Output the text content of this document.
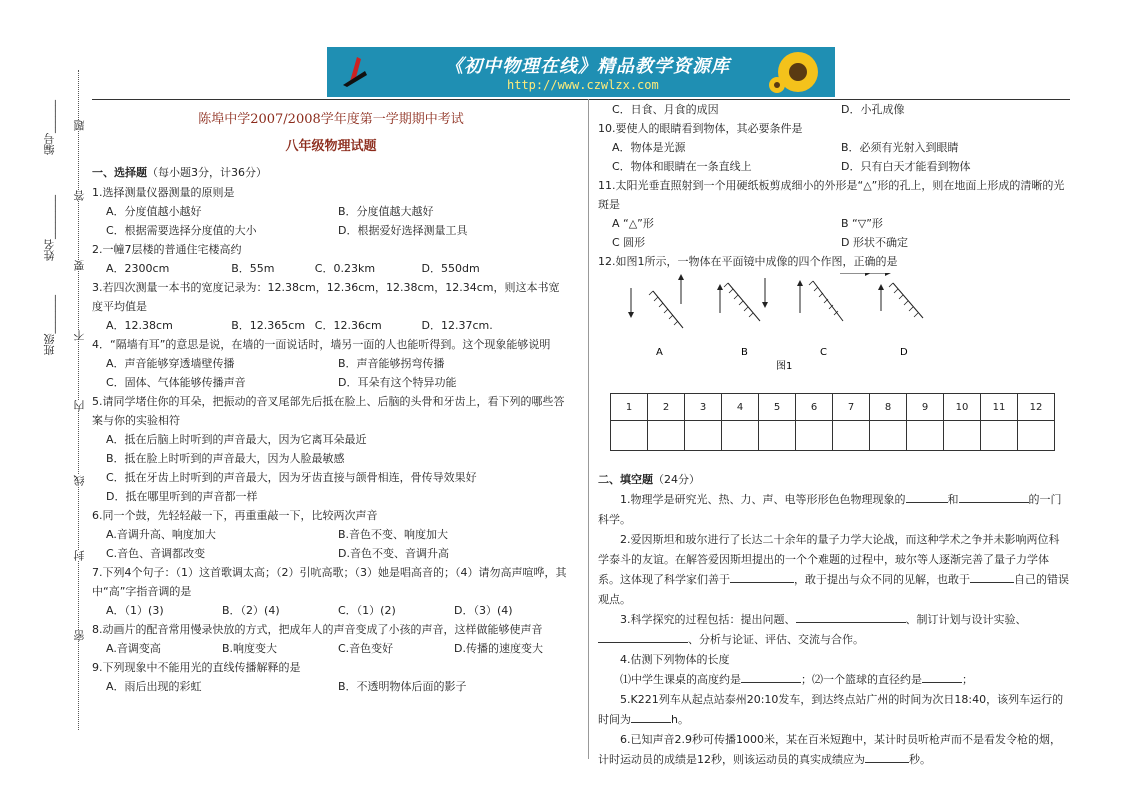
《初中物理在线》精品教学资源库
http://www.czwlzx.com
编号______
姓名________
班级_______
题
答
要
不
内
线
封
密
陈埠中学2007/2008学年度第一学期期中考试
八年级物理试题
一、选择题（每小题3分，计36分）

1.选择测量仪器测量的原则是

A．分度值越小越好	B．分度值越大越好
C．根据需要选择分度值的大小	D．根据爱好选择测量工具

2.一幢7层楼的普通住宅楼高约

A．2300cm	B．55m	C．0.23km	D．550dm

3.若四次测量一本书的宽度记录为：12.38cm，12.36cm，12.38cm，12.34cm，则这本书宽度平均值是

A．12.38cm	B．12.365cm C．12.36cm	D．12.37cm.

4．“隔墙有耳”的意思是说，在墙的一面说话时，墙另一面的人也能听得到。这个现象能够说明

A．声音能够穿透墙壁传播	B．声音能够拐弯传播
C．固体、气体能够传播声音	D．耳朵有这个特异功能

5.请同学堵住你的耳朵，把振动的音叉尾部先后抵在脸上、后脑的头骨和牙齿上，看下列的哪些答案与你的实验相符

A．抵在后脑上时听到的声音最大，因为它离耳朵最近
B．抵在脸上时听到的声音最大，因为人脸最敏感
C．抵在牙齿上时听到的声音最大，因为牙齿直接与颌骨相连，骨传导效果好
D．抵在哪里听到的声音都一样

6.同一个鼓，先轻轻敲一下，再重重敲一下，比较两次声音

A.音调升高、响度加大	B.音色不变、响度加大
C.音色、音调都改变	D.音色不变、音调升高

7.下列4个句子：（1）这首歌调太高；（2）引吭高歌；（3）她是唱高音的；（4）请勿高声喧哗，其中“高”字指音调的是

A．（1）(3)	B．（2）(4)	C．（1）(2)	D．（3）(4)

8.动画片的配音常用慢录快放的方式，把成年人的声音变成了小孩的声音，这样做能够使声音

A.音调变高	B.响度变大	C.音色变好	D.传播的速度变大

9.下列现象中不能用光的直线传播解释的是

A．雨后出现的彩虹	B．不透明物体后面的影子
C．日食、月食的成因	D．小孔成像

10.要使人的眼睛看到物体，其必要条件是

A．物体是光源	B．必须有光射入到眼睛
C．物体和眼睛在一条直线上	D．只有白天才能看到物体

11.太阳光垂直照射到一个用硬纸板剪成细小的外形是“△”形的孔上，则在地面上形成的清晰的光斑是

A “△”形	B “▽”形
C 圆形	D 形状不确定

12.如图1所示，一物体在平面镜中成像的四个作图，正确的是

A	B	C	D
图1
1	2	3	4	5	6	7	8	9	10	11	12

二、填空题（24分）

1.物理学是研究光、热、力、声、电等形形色色物理现象的	和	的一门科学。

2.爱因斯坦和玻尔进行了长达二十余年的量子力学大论战，而这种学术之争并未影响两位科学泰斗的友谊。在解答爱因斯坦提出的一个个难题的过程中，玻尔等人逐渐完善了量子力学体系。这体现了科学家们善于	，敢于提出与众不同的见解，也敢于	自己的错误观点。

3.科学探究的过程包括：提出问题、	、制订计划与设计实验、、分析与论证、评估、交流与合作。

4.估测下列物体的长度

⑴中学生课桌的高度约是	；⑵一个篮球的直径约是	；

5.K221列车从起点站泰州20:10发车，到达终点站广州的时间为次日18:40，该列车运行的时间为	h。

6.已知声音2.9秒可传播1000米，某在百米短跑中，某计时员听枪声而不是看发令枪的烟，计时运动员的成绩是12秒，则该运动员的真实成绩应为	秒。
